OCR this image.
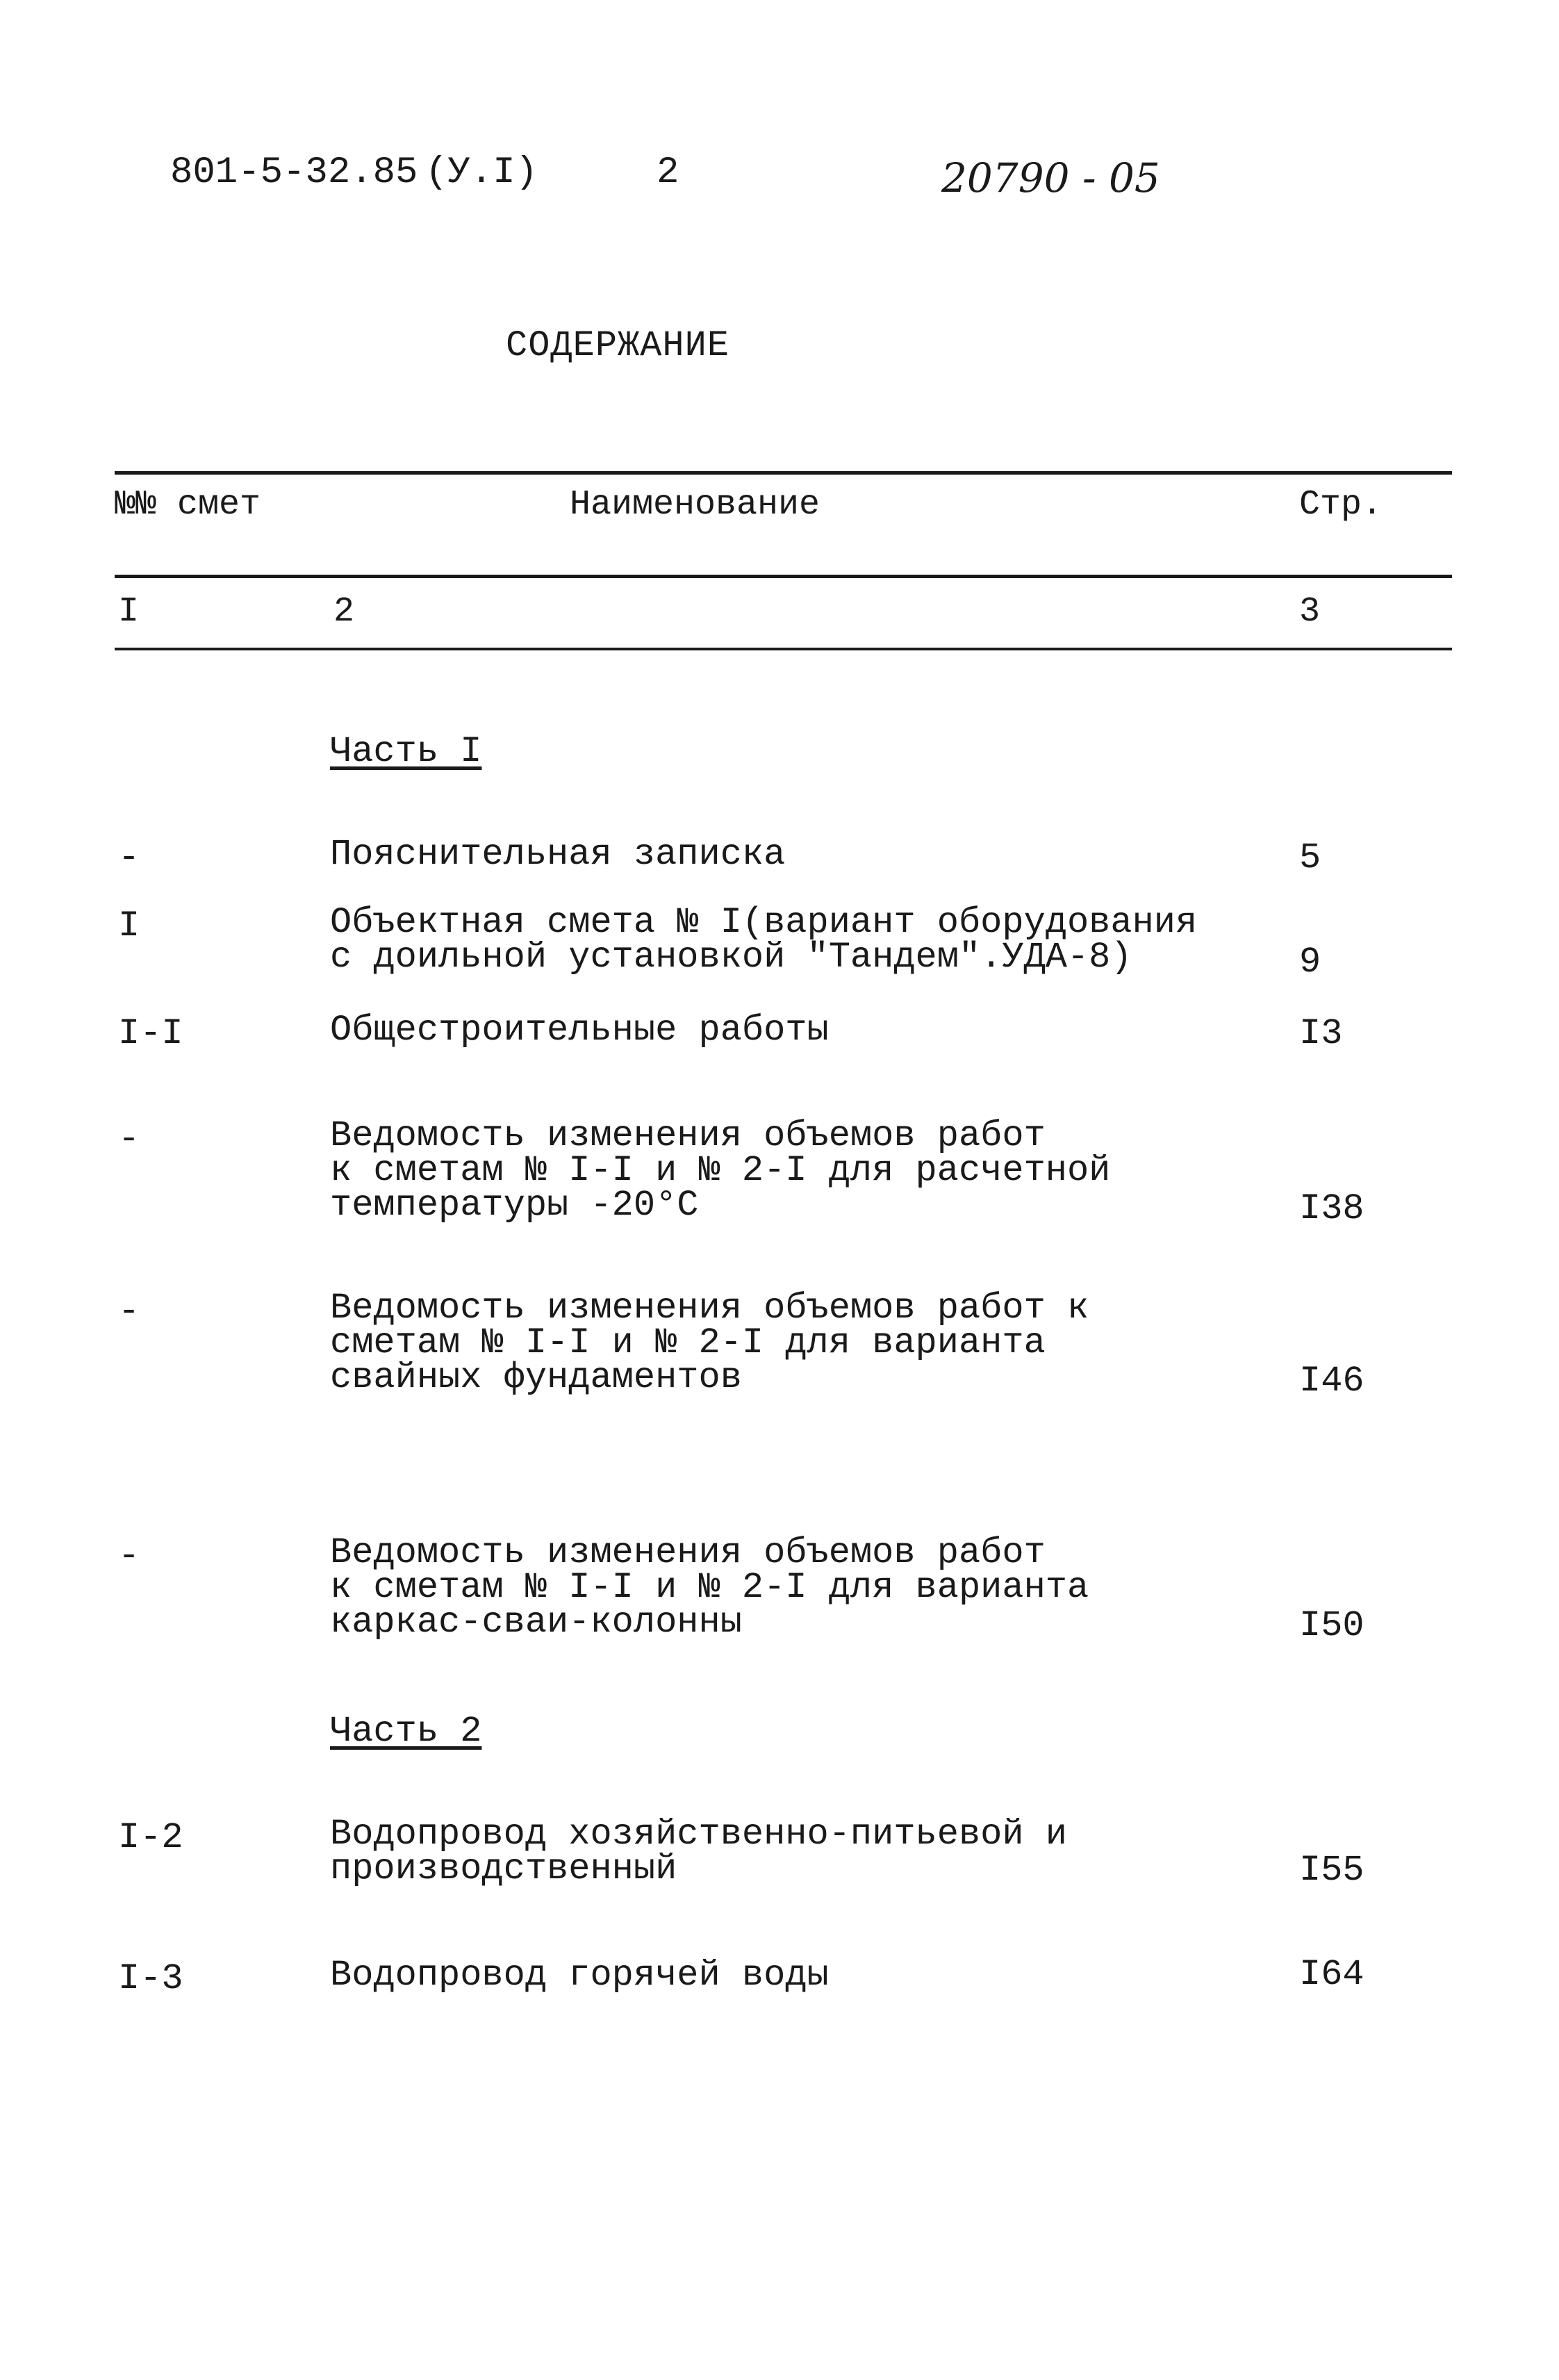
801-5-32.85 (У.I)	2	20790 - 05
СОДЕРЖАНИЕ
№№ смет	Наименование	Стр.
I	2	3
Часть I
-	Пояснительная записка	5
I	Объектная смета № I(вариант оборудования
с доильной установкой "Тандем".УДА-8)	9
I-I	Общестроительные работы	I3
-	Ведомость изменения объемов работ
к сметам № I-I и № 2-I для расчетной
температуры -20°С	I38
-	Ведомость изменения объемов работ к
сметам № I-I и № 2-I для варианта
свайных фундаментов	I46
-	Ведомость изменения объемов работ
к сметам № I-I и № 2-I для варианта
каркас-сваи-колонны	I50
Часть 2
I-2	Водопровод хозяйственно-питьевой и
производственный	I55
I-3	Водопровод горячей воды	I64
